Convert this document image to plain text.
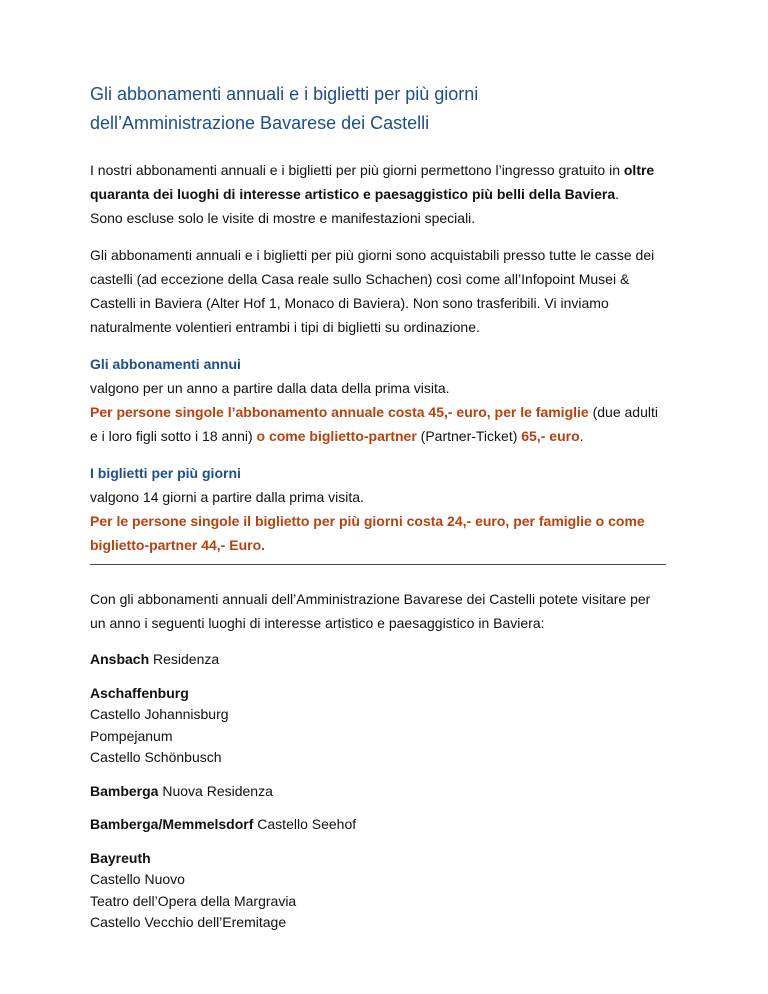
Gli abbonamenti annuali e i biglietti per più giorni
dell’Amministrazione Bavarese dei Castelli

I nostri abbonamenti annuali e i biglietti per più giorni permettono l’ingresso gratuito in oltre
quaranta dei luoghi di interesse artistico e paesaggistico più belli della Baviera.
Sono escluse solo le visite di mostre e manifestazioni speciali.

Gli abbonamenti annuali e i biglietti per più giorni sono acquistabili presso tutte le casse dei
castelli (ad eccezione della Casa reale sullo Schachen) così come all’Infopoint Musei &
Castelli in Baviera (Alter Hof 1, Monaco di Baviera). Non sono trasferibili. Vi inviamo
naturalmente volentieri entrambi i tipi di biglietti su ordinazione.

Gli abbonamenti annui
valgono per un anno a partire dalla data della prima visita.
Per persone singole l’abbonamento annuale costa 45,- euro, per le famiglie (due adulti
e i loro figli sotto i 18 anni) o come biglietto-partner (Partner-Ticket) 65,- euro.

I biglietti per più giorni
valgono 14 giorni a partire dalla prima visita.
Per le persone singole il biglietto per più giorni costa 24,- euro, per famiglie o come
biglietto-partner 44,- Euro.

Con gli abbonamenti annuali dell’Amministrazione Bavarese dei Castelli potete visitare per
un anno i seguenti luoghi di interesse artistico e paesaggistico in Baviera:

Ansbach Residenza

Aschaffenburg
Castello Johannisburg
Pompejanum
Castello Schönbusch

Bamberga Nuova Residenza

Bamberga/Memmelsdorf Castello Seehof

Bayreuth
Castello Nuovo
Teatro dell’Opera della Margravia
Castello Vecchio dell’Eremitage
